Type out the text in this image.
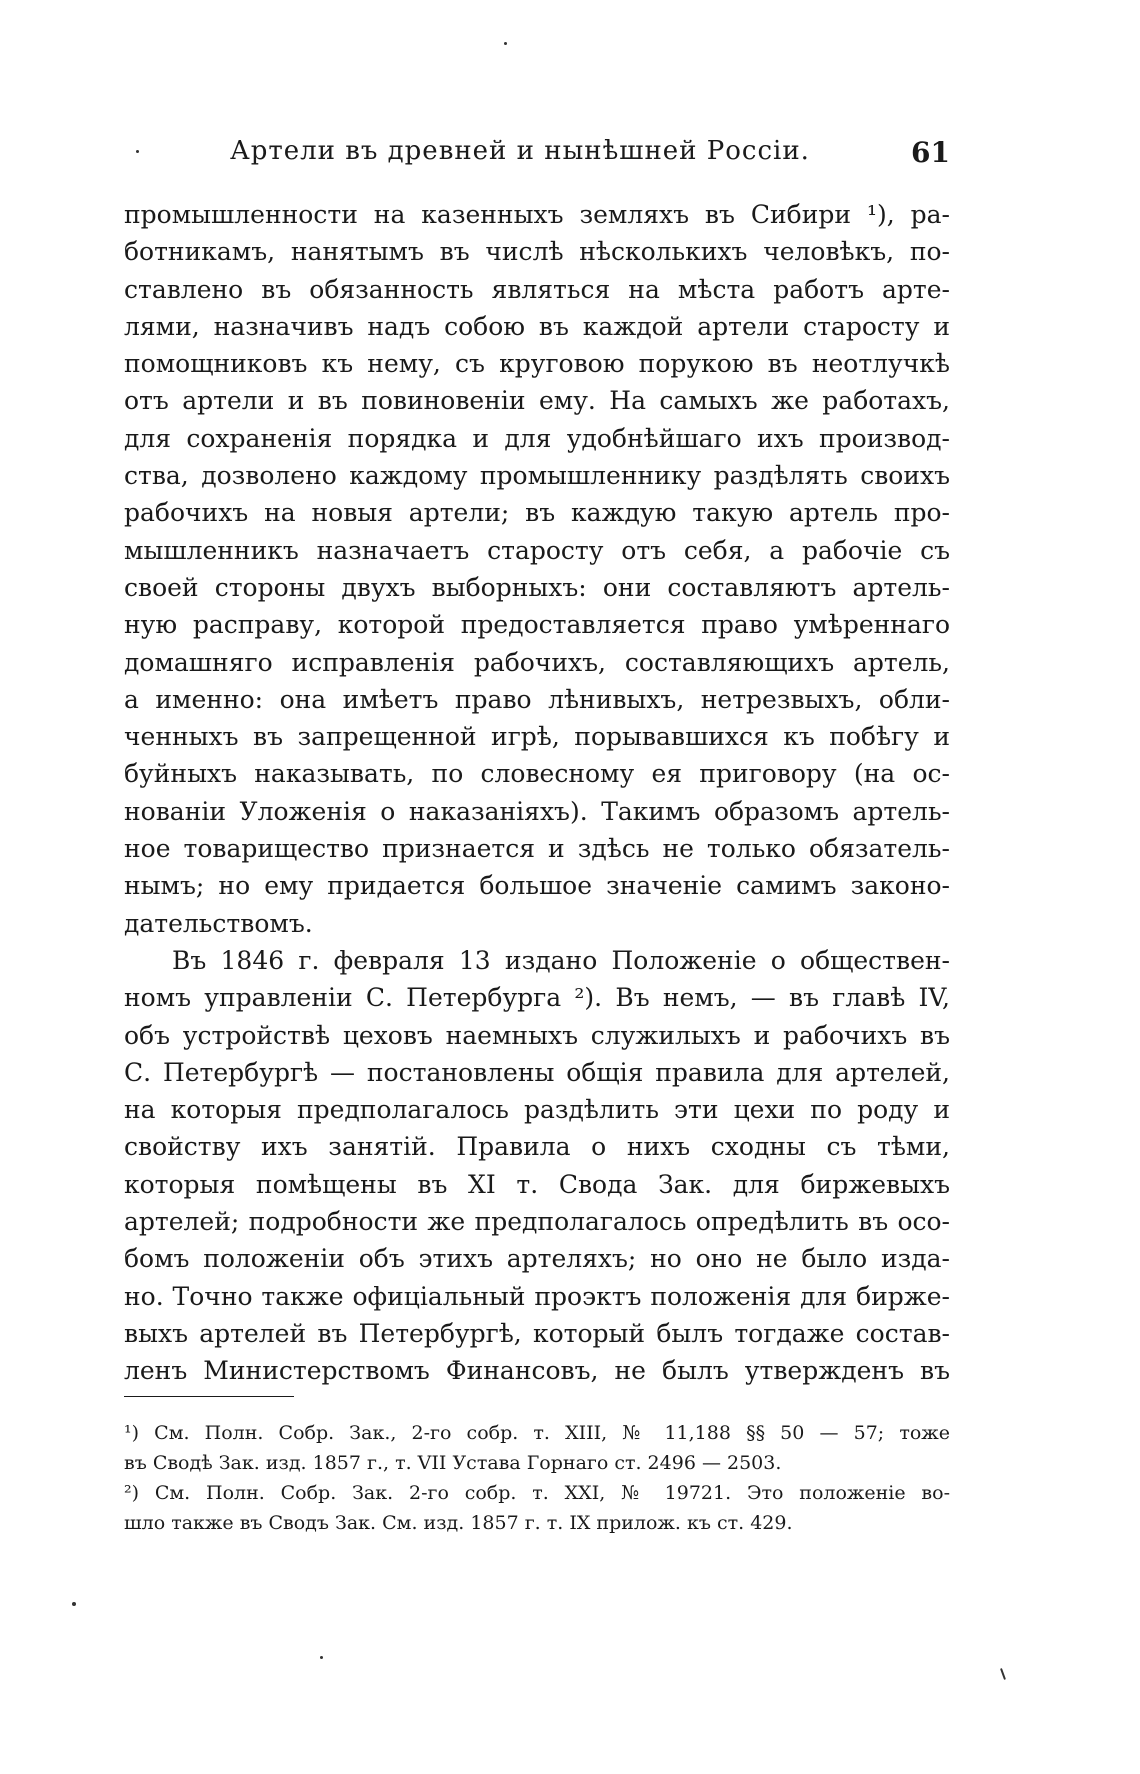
Артели въ древней и нынѣшней Россіи.	61
промышленности на казенныхъ земляхъ въ Сибири ¹), ра-
ботникамъ, нанятымъ въ числѣ нѣсколькихъ человѣкъ, по-
ставлено въ обязанность являться на мѣста работъ арте-
лями, назначивъ надъ собою въ каждой артели старосту и
помощниковъ къ нему, съ круговою порукою въ неотлучкѣ
отъ артели и въ повиновеніи ему. На самыхъ же работахъ,
для сохраненія порядка и для удобнѣйшаго ихъ производ-
ства, дозволено каждому промышленнику раздѣлять своихъ
рабочихъ на новыя артели; въ каждую такую артель про-
мышленникъ назначаетъ старосту отъ себя, а рабочіе съ
своей стороны двухъ выборныхъ: они составляютъ артель-
ную расправу, которой предоставляется право умѣреннаго
домашняго исправленія рабочихъ, составляющихъ артель,
а именно: она имѣетъ право лѣнивыхъ, нетрезвыхъ, обли-
ченныхъ въ запрещенной игрѣ, порывавшихся къ побѣгу и
буйныхъ наказывать, по словесному ея приговору (на ос-
нованіи Уложенія о наказаніяхъ). Такимъ образомъ артель-
ное товарищество признается и здѣсь не только обязатель-
нымъ; но ему придается большое значеніе самимъ законо-
дательствомъ.
Въ 1846 г. февраля 13 издано Положеніе о обществен-
номъ управленіи С. Петербурга ²). Въ немъ, — въ главѣ IV,
объ устройствѣ цеховъ наемныхъ служилыхъ и рабочихъ въ
С. Петербургѣ — постановлены общія правила для артелей,
на которыя предполагалось раздѣлить эти цехи по роду и
свойству ихъ занятій. Правила о нихъ сходны съ тѣми,
которыя помѣщены въ XI т. Свода Зак. для биржевыхъ
артелей; подробности же предполагалось опредѣлить въ осо-
бомъ положеніи объ этихъ артеляхъ; но оно не было изда-
но. Точно также офиціальный проэктъ положенія для бирже-
выхъ артелей въ Петербургѣ, который былъ тогдаже состав-
ленъ Министерствомъ Финансовъ, не былъ утвержденъ въ
¹) См. Полн. Собр. Зак., 2-го собр. т. XIII, № 11,188 §§ 50 — 57; тоже
въ Сводѣ Зак. изд. 1857 г., т. VII Устава Горнаго ст. 2496 — 2503.
²) См. Полн. Собр. Зак. 2-го собр. т. XXI, № 19721. Это положеніе во-
шло также въ Сводъ Зак. См. изд. 1857 г. т. IX прилож. къ ст. 429.
